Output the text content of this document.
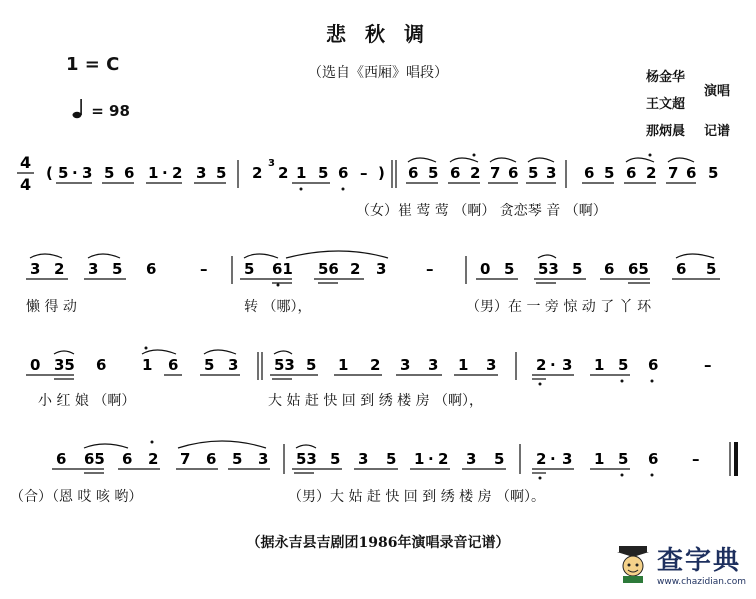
悲 秋 调
（选自《西厢》唱段）
1 = C
= 98
杨金华
王文超
那炳晨
演唱
记谱
4
4
( 5 · 3 5 6 1 · 2 3 5 2
3
2 1 5 6 – ) 6 5 6 2 7 6 5 3 6 5 6 2 7 6 5
（女）崔 莺 莺 （啊） 贪恋琴 音 （啊）
3 2 3 5 6	– 5 61 56 2 3	–	0 5 53 5 6 65 6 5
懒 得 动	转 （哪），	（男）在 一 旁 惊 动 了 丫 环
0 35 6 1 6 5 3 53 5 1 2 3 3 1 3	2 · 3 1 5 6	–
小 红 娘 （啊）	大 姑 赶 快 回 到 绣 楼 房 （啊），
6 65 6 2 7 6 5 3 53 5 3 5 1 · 2 3 5 2 · 3 1 5 6 –
（合）（恩 哎 咳 哟）	（男）大 姑 赶 快 回 到 绣 楼 房 （啊）。
（据永吉县吉剧团1986年演唱录音记谱）
查字典
www.chazidian.com
